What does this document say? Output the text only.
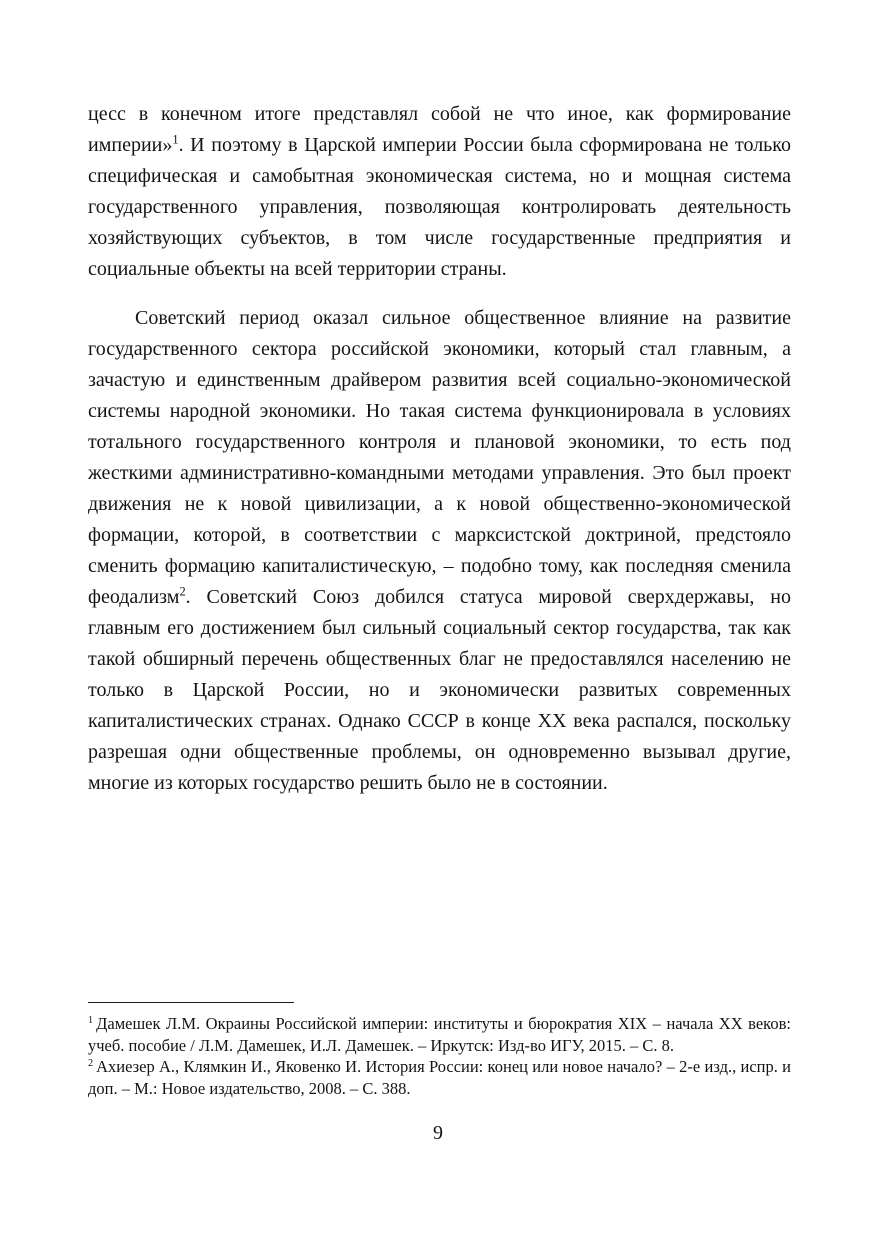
цесс в конечном итоге представлял собой не что иное, как формирование империи»$^1$. И поэтому в Царской империи России была сформирована не только специфическая и самобытная экономическая система, но и мощная система государственного управления, позволяющая контролировать деятельность хозяйствующих субъектов, в том числе государственные предприятия и социальные объекты на всей территории страны.

Советский период оказал сильное общественное влияние на развитие государственного сектора российской экономики, который стал главным, а зачастую и единственным драйвером развития всей социально-экономической системы народной экономики. Но такая система функционировала в условиях тотального государственного контроля и плановой экономики, то есть под жесткими административно-командными методами управления. Это был проект движения не к новой цивилизации, а к новой общественно-экономической формации, которой, в соответствии с марксистской доктриной, предстояло сменить формацию капиталистическую, – подобно тому, как последняя сменила феодализм$^2$. Советский Союз добился статуса мировой сверхдержавы, но главным его достижением был сильный социальный сектор государства, так как такой обширный перечень общественных благ не предоставлялся населению не только в Царской России, но и экономически развитых современных капиталистических странах. Однако СССР в конце XX века распался, поскольку разрешая одни общественные проблемы, он одновременно вызывал другие, многие из которых государство решить было не в состоянии.

$^1$ Дамешек Л.М. Окраины Российской империи: институты и бюрократия XIX – начала XX веков: учеб. пособие / Л.М. Дамешек, И.Л. Дамешек. – Иркутск: Изд-во ИГУ, 2015. – С. 8.

$^2$ Ахиезер А., Клямкин И., Яковенко И. История России: конец или новое начало? – 2-е изд., испр. и доп. – М.: Новое издательство, 2008. – С. 388.

9
